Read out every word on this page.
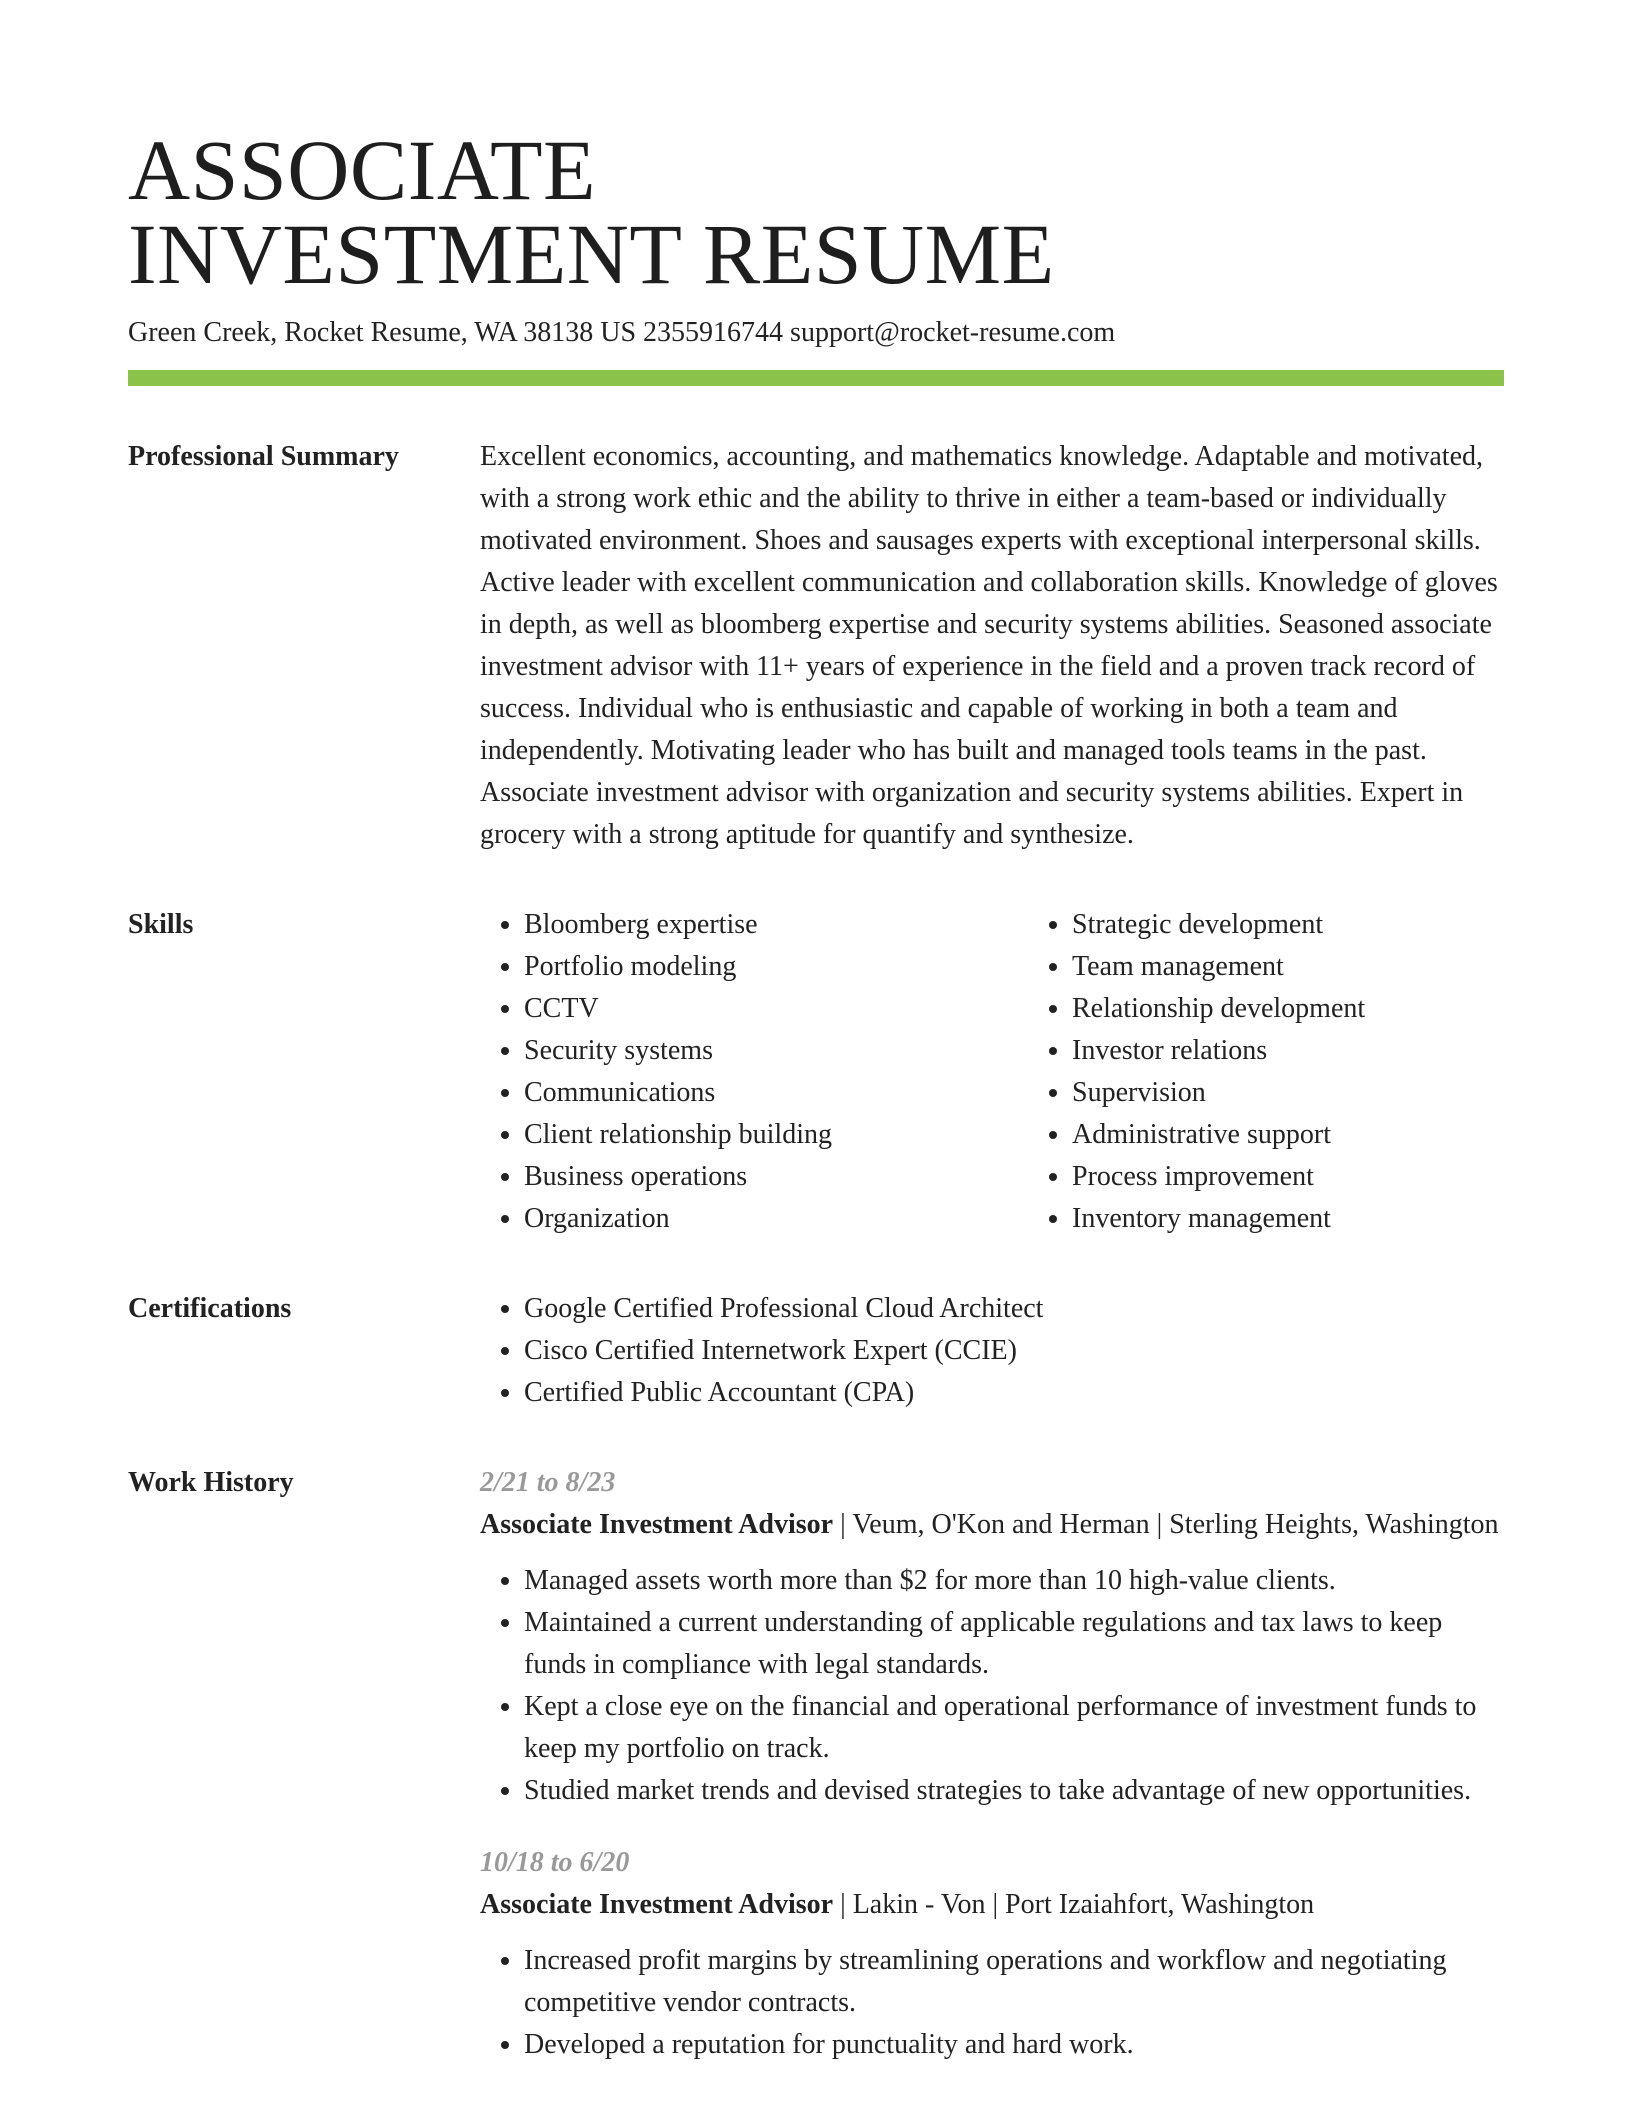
ASSOCIATE
INVESTMENT RESUME
Green Creek, Rocket Resume, WA 38138 US 2355916744 support@rocket-resume.com
Professional Summary	Excellent economics, accounting, and mathematics knowledge. Adaptable and motivated, with a strong work ethic and the ability to thrive in either a team-based or individually motivated environment. Shoes and sausages experts with exceptional interpersonal skills. Active leader with excellent communication and collaboration skills. Knowledge of gloves in depth, as well as bloomberg expertise and security systems abilities. Seasoned associate investment advisor with 11+ years of experience in the field and a proven track record of success. Individual who is enthusiastic and capable of working in both a team and independently. Motivating leader who has built and managed tools teams in the past. Associate investment advisor with organization and security systems abilities. Expert in grocery with a strong aptitude for quantify and synthesize.

Skills	• Bloomberg expertise
• Portfolio modeling
• CCTV
• Security systems
• Communications
• Client relationship building
• Business operations
• Organization
• Strategic development
• Team management
• Relationship development
• Investor relations
• Supervision
• Administrative support
• Process improvement
• Inventory management
Certifications	• Google Certified Professional Cloud Architect
• Cisco Certified Internetwork Expert (CCIE)
• Certified Public Accountant (CPA)
Work History	2/21 to 8/23
Associate Investment Advisor | Veum, O'Kon and Herman | Sterling Heights, Washington
• Managed assets worth more than $2 for more than 10 high-value clients.
• Maintained a current understanding of applicable regulations and tax laws to keep funds in compliance with legal standards.
• Kept a close eye on the financial and operational performance of investment funds to keep my portfolio on track.
• Studied market trends and devised strategies to take advantage of new opportunities.
10/18 to 6/20
Associate Investment Advisor | Lakin - Von | Port Izaiahfort, Washington
• Increased profit margins by streamlining operations and workflow and negotiating competitive vendor contracts.
• Developed a reputation for punctuality and hard work.
